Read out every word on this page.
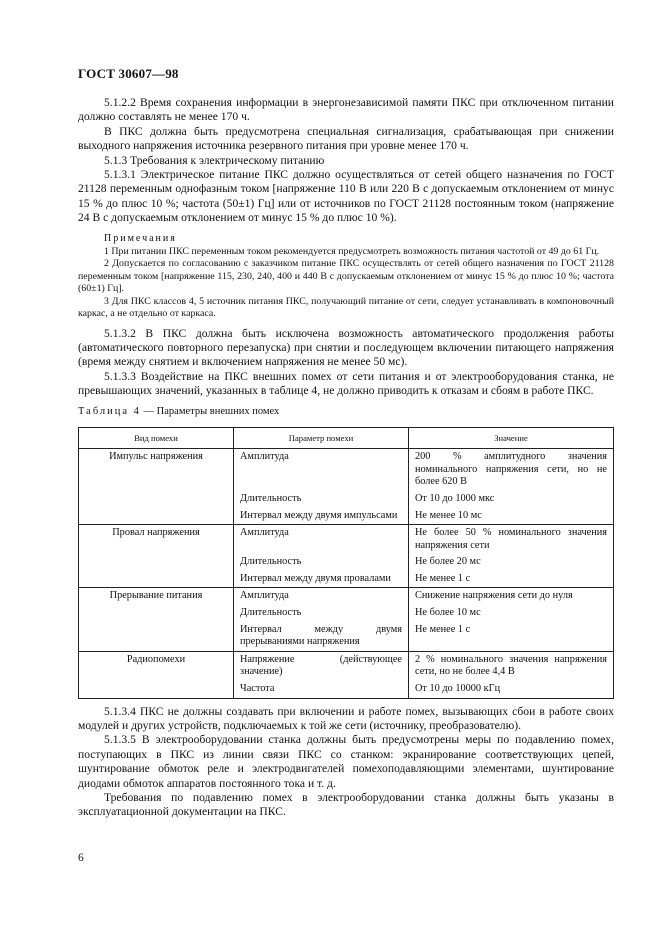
ГОСТ 30607—98

5.1.2.2 Время сохранения информации в энергонезависимой памяти ПКС при отключенном питании должно составлять не менее 170 ч.

В ПКС должна быть предусмотрена специальная сигнализация, срабатывающая при снижении выходного напряжения источника резервного питания при уровне менее 170 ч.

5.1.3 Требования к электрическому питанию

5.1.3.1 Электрическое питание ПКС должно осуществляться от сетей общего назначения по ГОСТ 21128 переменным однофазным током [напряжение 110 В или 220 В с допускаемым отклонением от минус 15 % до плюс 10 %; частота (50±1) Гц] или от источников по ГОСТ 21128 постоянным током (напряжение 24 В с допускаемым отклонением от минус 15 % до плюс 10 %).

Примечания

1 При питании ПКС переменным током рекомендуется предусмотреть возможность питания частотой от 49 до 61 Гц.

2 Допускается по согласованию с заказчиком питание ПКС осуществлять от сетей общего назначения по ГОСТ 21128 переменным током [напряжение 115, 230, 240, 400 и 440 В с допускаемым отклонением от минус 15 % до плюс 10 %; частота (60±1) Гц].

3 Для ПКС классов 4, 5 источник питания ПКС, получающий питание от сети, следует устанавливать в компоновочный каркас, а не отдельно от каркаса.

5.1.3.2 В ПКС должна быть исключена возможность автоматического продолжения работы (автоматического повторного перезапуска) при снятии и последующем включении питающего напряжения (время между снятием и включением напряжения не менее 50 мс).

5.1.3.3 Воздействие на ПКС внешних помех от сети питания и от электрооборудования станка, не превышающих значений, указанных в таблице 4, не должно приводить к отказам и сбоям в работе ПКС.

Таблица 4 — Параметры внешних помех

Вид помехи	Параметр помехи	Значение
Импульс напряжения	Амплитуда	200 % амплитудного значения номинального напряжения сети, но не более 620 В
	Длительность	От 10 до 1000 мкс
	Интервал между двумя импульсами	Не менее 10 мс
Провал напряжения	Амплитуда	Не более 50 % номинального значения напряжения сети
	Длительность	Не более 20 мс
	Интервал между двумя провалами	Не менее 1 с
Прерывание питания	Амплитуда	Снижение напряжения сети до нуля
	Длительность	Не более 10 мс
	Интервал между двумя прерываниями напряжения	Не менее 1 с
Радиопомехи	Напряжение (действующее значение)	2 % номинального значения напряжения сети, но не более 4,4 В
	Частота	От 10 до 10000 кГц

5.1.3.4 ПКС не должны создавать при включении и работе помех, вызывающих сбои в работе своих модулей и других устройств, подключаемых к той же сети (источнику, преобразователю).

5.1.3.5 В электрооборудовании станка должны быть предусмотрены меры по подавлению помех, поступающих в ПКС из линии связи ПКС со станком: экранирование соответствующих цепей, шунтирование обмоток реле и электродвигателей помехоподавляющими элементами, шунтирование диодами обмоток аппаратов постоянного тока и т. д.

Требования по подавлению помех в электрооборудовании станка должны быть указаны в эксплуатационной документации на ПКС.

6
